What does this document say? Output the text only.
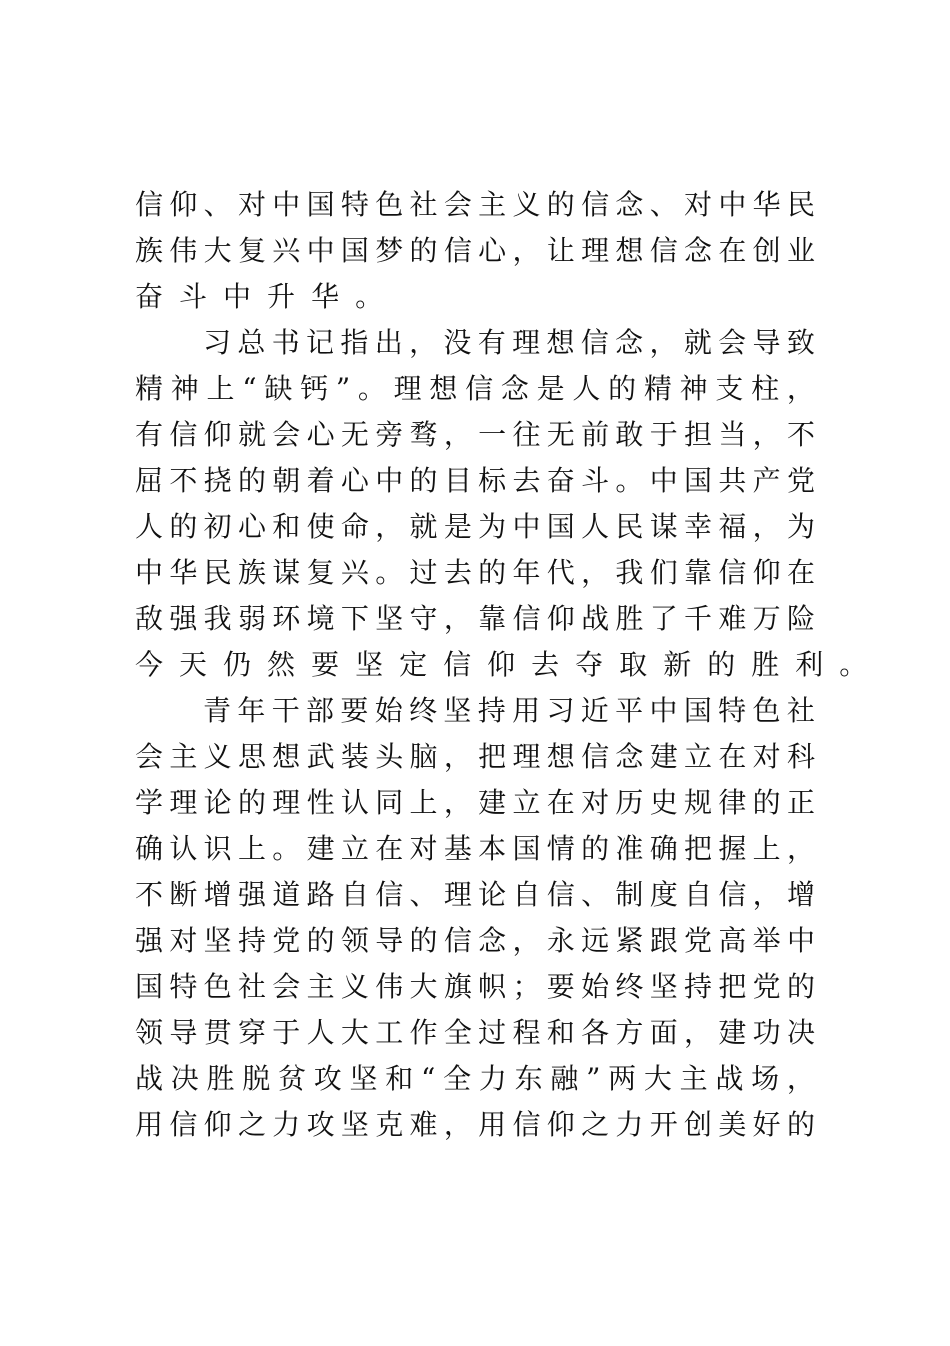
信 仰 、 对 中 国 特 色 社 会 主 义 的 信 念 、 对 中 华 民
族 伟 大 复 兴 中 国 梦 的 信 心 ， 让 理 想 信 念 在 创 业
奋 斗 中 升 华 。
习 总 书 记 指 出 ， 没 有 理 想 信 念 ， 就 会 导 致
精 神 上 “ 缺 钙 ” 。 理 想 信 念 是 人 的 精 神 支 柱 ，
有 信 仰 就 会 心 无 旁 骛 ， 一 往 无 前 敢 于 担 当 ， 不
屈 不 挠 的 朝 着 心 中 的 目 标 去 奋 斗 。 中 国 共 产 党
人 的 初 心 和 使 命 ， 就 是 为 中 国 人 民 谋 幸 福 ， 为
中 华 民 族 谋 复 兴 。 过 去 的 年 代 ， 我 们 靠 信 仰 在
敌 强 我 弱 环 境 下 坚 守 ， 靠 信 仰 战 胜 了 千 难 万 险
今 天 仍 然 要 坚 定 信 仰 去 夺 取 新 的 胜 利 。
青 年 干 部 要 始 终 坚 持 用 习 近 平 中 国 特 色 社
会 主 义 思 想 武 装 头 脑 ， 把 理 想 信 念 建 立 在 对 科
学 理 论 的 理 性 认 同 上 ， 建 立 在 对 历 史 规 律 的 正
确 认 识 上 。 建 立 在 对 基 本 国 情 的 准 确 把 握 上 ，
不 断 增 强 道 路 自 信 、 理 论 自 信 、 制 度 自 信 ， 增
强 对 坚 持 党 的 领 导 的 信 念 ， 永 远 紧 跟 党 高 举 中
国 特 色 社 会 主 义 伟 大 旗 帜 ； 要 始 终 坚 持 把 党 的
领 导 贯 穿 于 人 大 工 作 全 过 程 和 各 方 面 ， 建 功 决
战 决 胜 脱 贫 攻 坚 和 “ 全 力 东 融 ” 两 大 主 战 场 ，
用 信 仰 之 力 攻 坚 克 难 ， 用 信 仰 之 力 开 创 美 好 的
